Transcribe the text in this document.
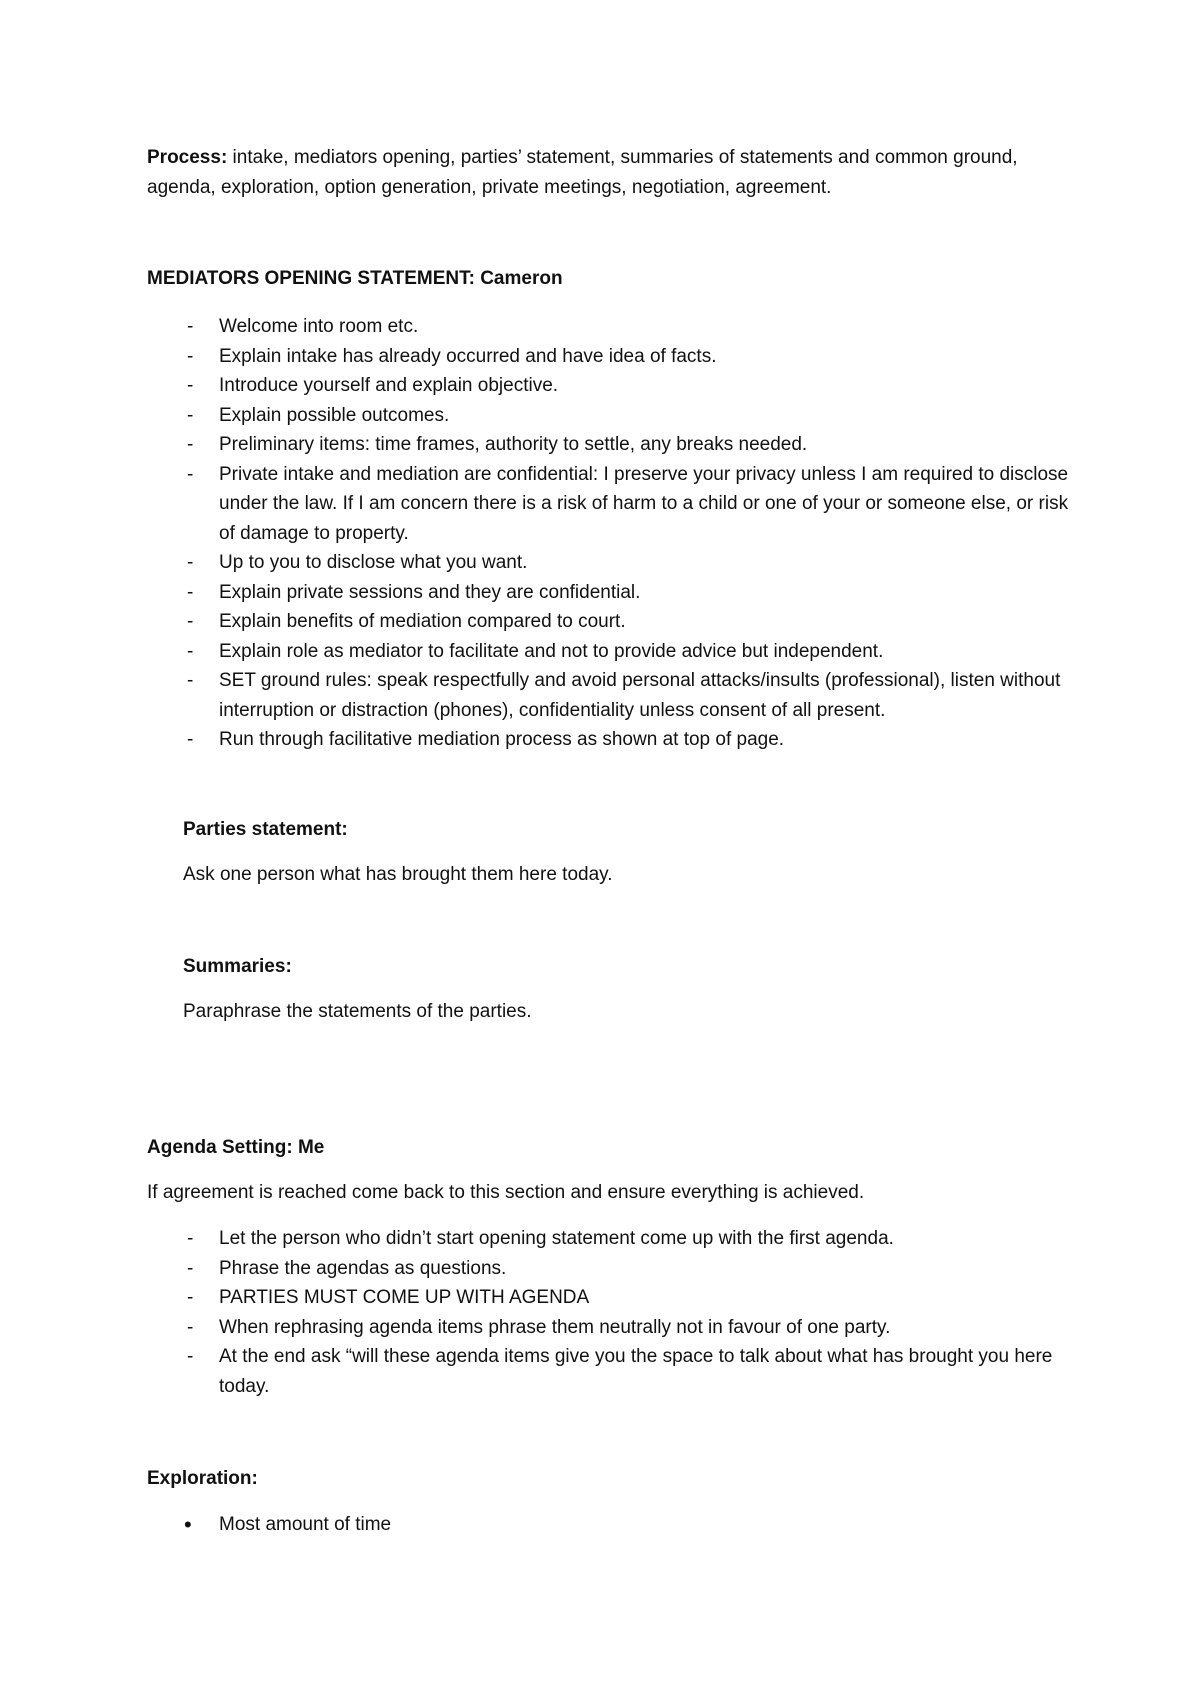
Process: intake, mediators opening, parties’ statement, summaries of statements and common ground, agenda, exploration, option generation, private meetings, negotiation, agreement.
MEDIATORS OPENING STATEMENT: Cameron
- Welcome into room etc.
- Explain intake has already occurred and have idea of facts.
- Introduce yourself and explain objective.
- Explain possible outcomes.
- Preliminary items: time frames, authority to settle, any breaks needed.
- Private intake and mediation are confidential: I preserve your privacy unless I am required to disclose under the law. If I am concern there is a risk of harm to a child or one of your or someone else, or risk of damage to property.
- Up to you to disclose what you want.
- Explain private sessions and they are confidential.
- Explain benefits of mediation compared to court.
- Explain role as mediator to facilitate and not to provide advice but independent.
- SET ground rules: speak respectfully and avoid personal attacks/insults (professional), listen without interruption or distraction (phones), confidentiality unless consent of all present.
- Run through facilitative mediation process as shown at top of page.
Parties statement:
Ask one person what has brought them here today.
Summaries:
Paraphrase the statements of the parties.
Agenda Setting: Me
If agreement is reached come back to this section and ensure everything is achieved.
- Let the person who didn’t start opening statement come up with the first agenda.
- Phrase the agendas as questions.
- PARTIES MUST COME UP WITH AGENDA
- When rephrasing agenda items phrase them neutrally not in favour of one party.
- At the end ask “will these agenda items give you the space to talk about what has brought you here today.
Exploration:
• Most amount of time
